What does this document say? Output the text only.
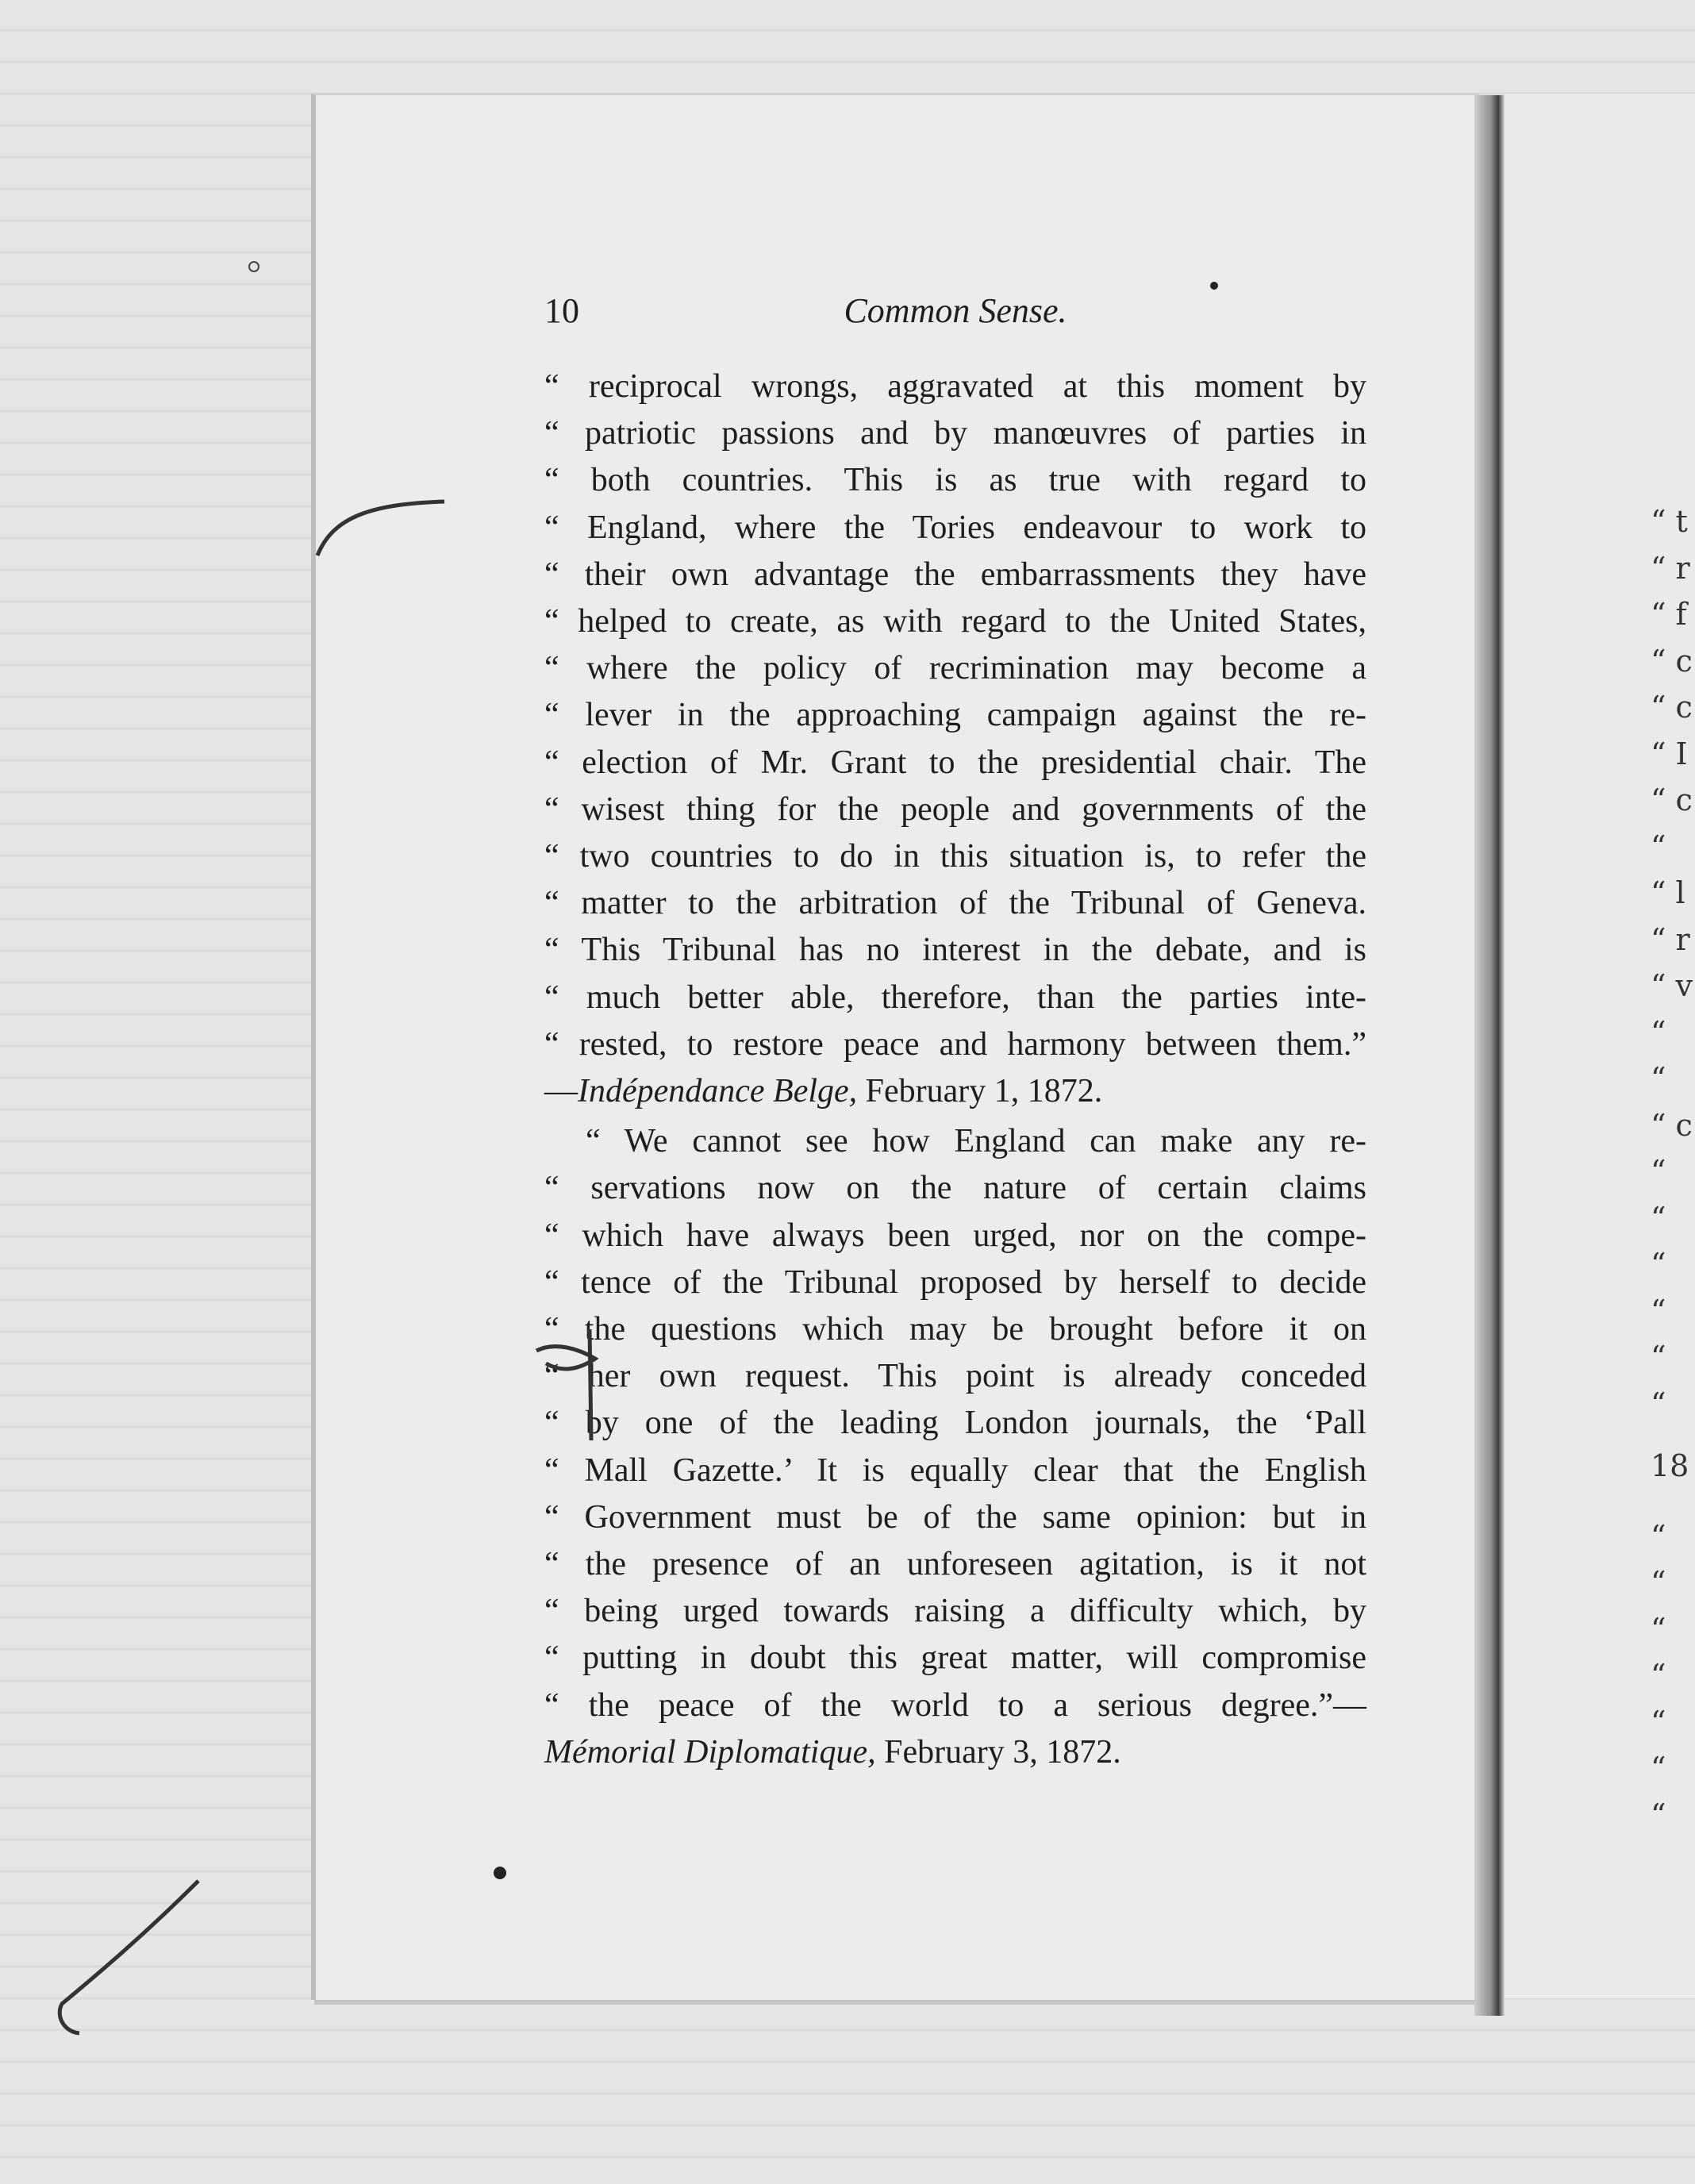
“ t
“ r
“ f
“ c
“ c
“ I
“ c
“
“ l
“ r
“ v
“
“
“ c
“
“
“
“
“
“
18
“
“
“
“
“
“
“
10	Common Sense.
“ reciprocal wrongs, aggravated at this moment by
“ patriotic passions and by manœuvres of parties in
“ both countries. This is as true with regard to
“ England, where the Tories endeavour to work to
“ their own advantage the embarrassments they have
“ helped to create, as with regard to the United States,
“ where the policy of recrimination may become a
“ lever in the approaching campaign against the re-
“ election of Mr. Grant to the presidential chair. The
“ wisest thing for the people and governments of the
“ two countries to do in this situation is, to refer the
“ matter to the arbitration of the Tribunal of Geneva.
“ This Tribunal has no interest in the debate, and is
“ much better able, therefore, than the parties inte-
“ rested, to restore peace and harmony between them.”
—Indépendance Belge, February 1, 1872.
“ We cannot see how England can make any re-
“ servations now on the nature of certain claims
“ which have always been urged, nor on the compe-
“ tence of the Tribunal proposed by herself to decide
“ the questions which may be brought before it on
“ her own request. This point is already conceded
“ by one of the leading London journals, the ‘Pall
“ Mall Gazette.’ It is equally clear that the English
“ Government must be of the same opinion: but in
“ the presence of an unforeseen agitation, is it not
“ being urged towards raising a difficulty which, by
“ putting in doubt this great matter, will compromise
“ the peace of the world to a serious degree.”—
Mémorial Diplomatique, February 3, 1872.
